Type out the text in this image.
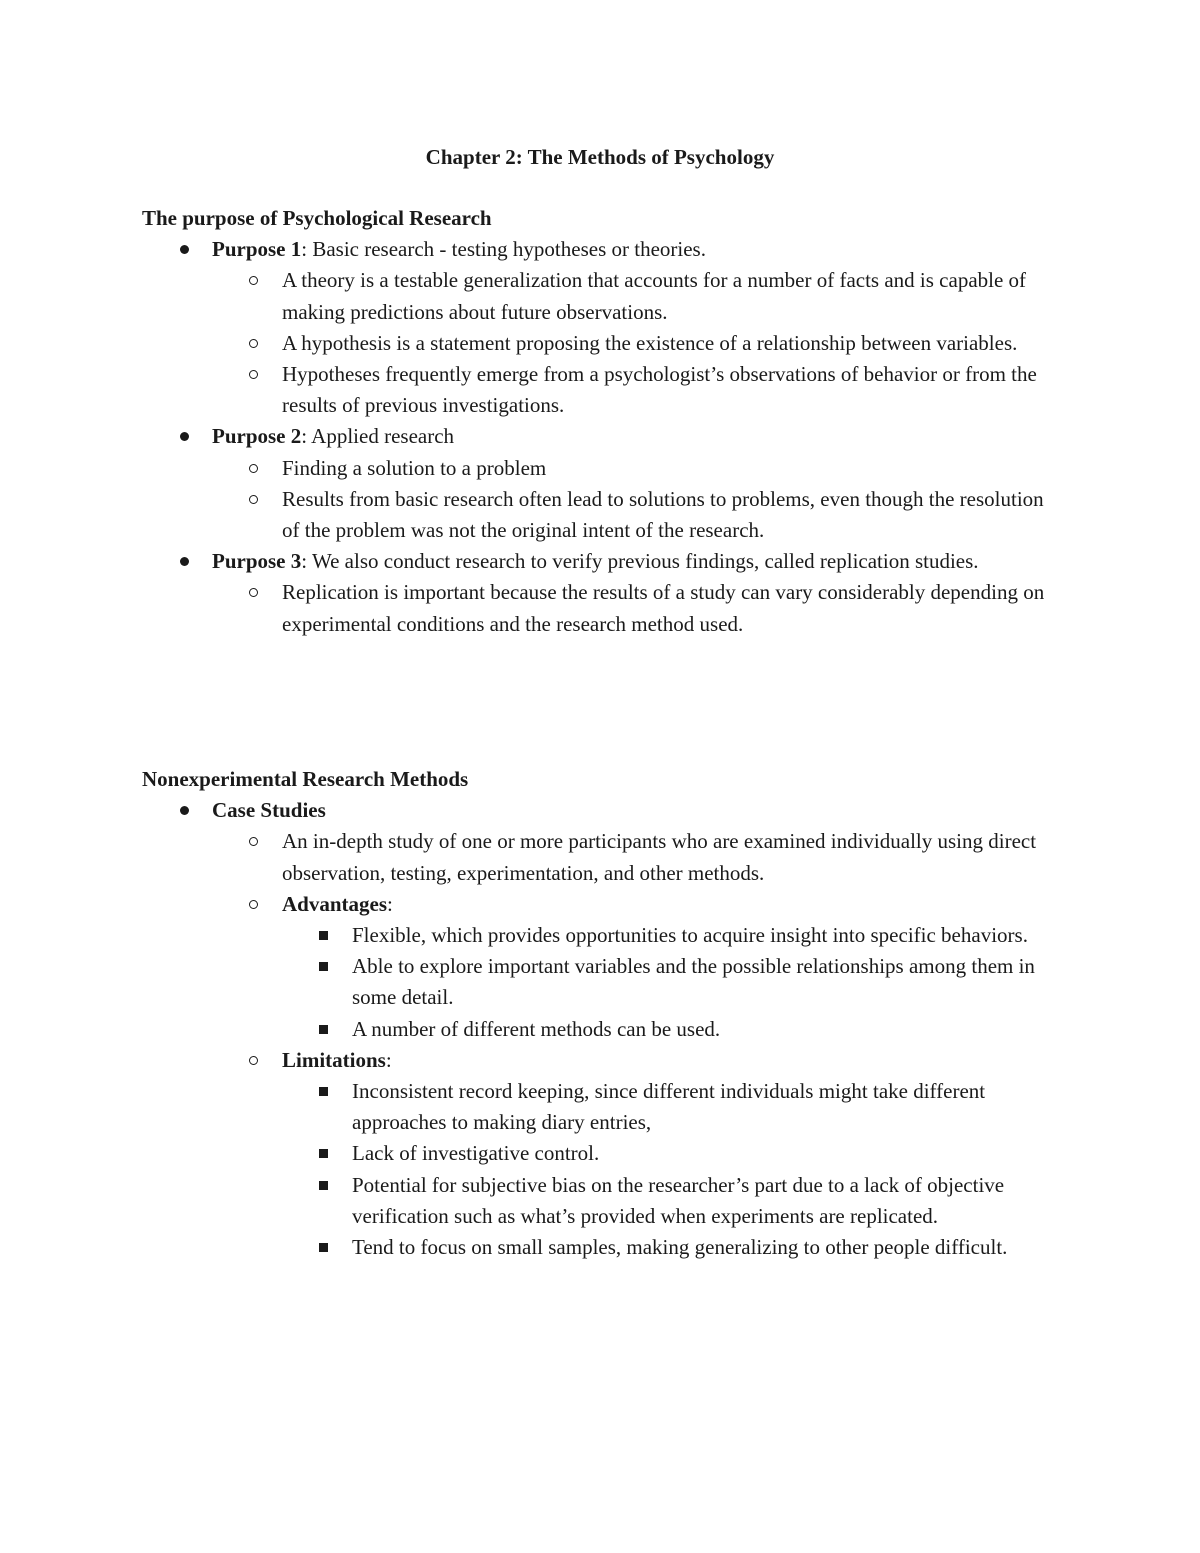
Chapter 2: The Methods of Psychology

The purpose of Psychological Research

Purpose 1: Basic research - testing hypotheses or theories.
A theory is a testable generalization that accounts for a number of facts and is capable of making predictions about future observations.
A hypothesis is a statement proposing the existence of a relationship between variables.
Hypotheses frequently emerge from a psychologist’s observations of behavior or from the results of previous investigations.
Purpose 2: Applied research
Finding a solution to a problem
Results from basic research often lead to solutions to problems, even though the resolution of the problem was not the original intent of the research.
Purpose 3: We also conduct research to verify previous findings, called replication studies.
Replication is important because the results of a study can vary considerably depending on experimental conditions and the research method used.

Nonexperimental Research Methods

Case Studies
An in-depth study of one or more participants who are examined individually using direct observation, testing, experimentation, and other methods.
Advantages:
Flexible, which provides opportunities to acquire insight into specific behaviors.
Able to explore important variables and the possible relationships among them in some detail.
A number of different methods can be used.
Limitations:
Inconsistent record keeping, since different individuals might take different approaches to making diary entries,
Lack of investigative control.
Potential for subjective bias on the researcher’s part due to a lack of objective verification such as what’s provided when experiments are replicated.
Tend to focus on small samples, making generalizing to other people difficult.
